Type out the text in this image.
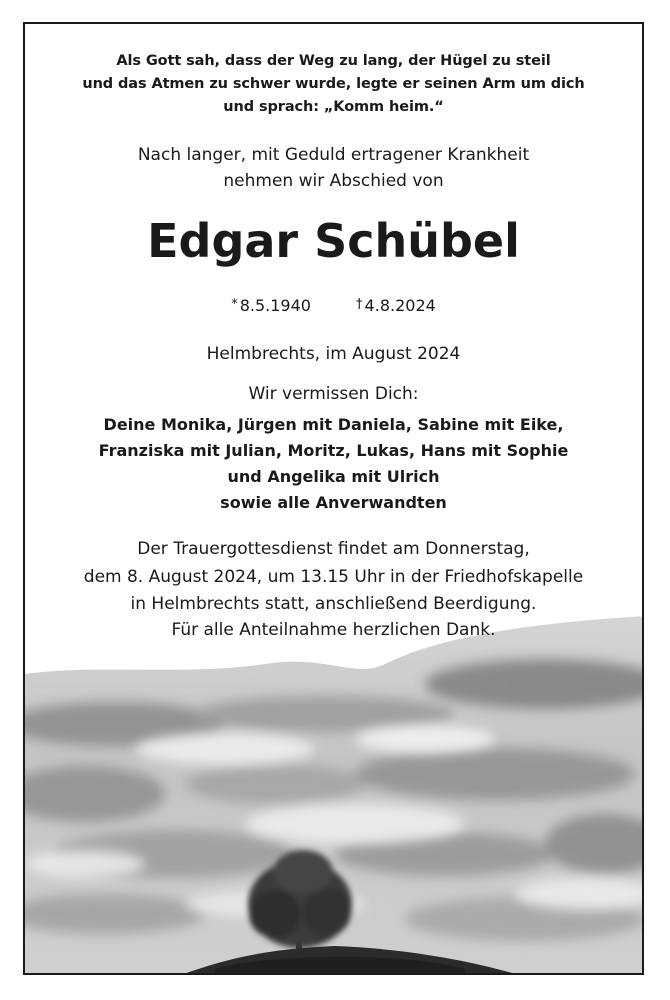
Als Gott sah, dass der Weg zu lang, der Hügel zu steil
und das Atmen zu schwer wurde, legte er seinen Arm um dich
und sprach: „Komm heim.“
Nach langer, mit Geduld ertragener Krankheit
nehmen wir Abschied von
Edgar Schübel
* 8.5.1940	† 4.8.2024
Helmbrechts, im August 2024
Wir vermissen Dich:
Deine Monika, Jürgen mit Daniela, Sabine mit Eike,
Franziska mit Julian, Moritz, Lukas, Hans mit Sophie
und Angelika mit Ulrich
sowie alle Anverwandten
Der Trauergottesdienst findet am Donnerstag,
dem 8. August 2024, um 13.15 Uhr in der Friedhofskapelle
in Helmbrechts statt, anschließend Beerdigung.
Für alle Anteilnahme herzlichen Dank.
